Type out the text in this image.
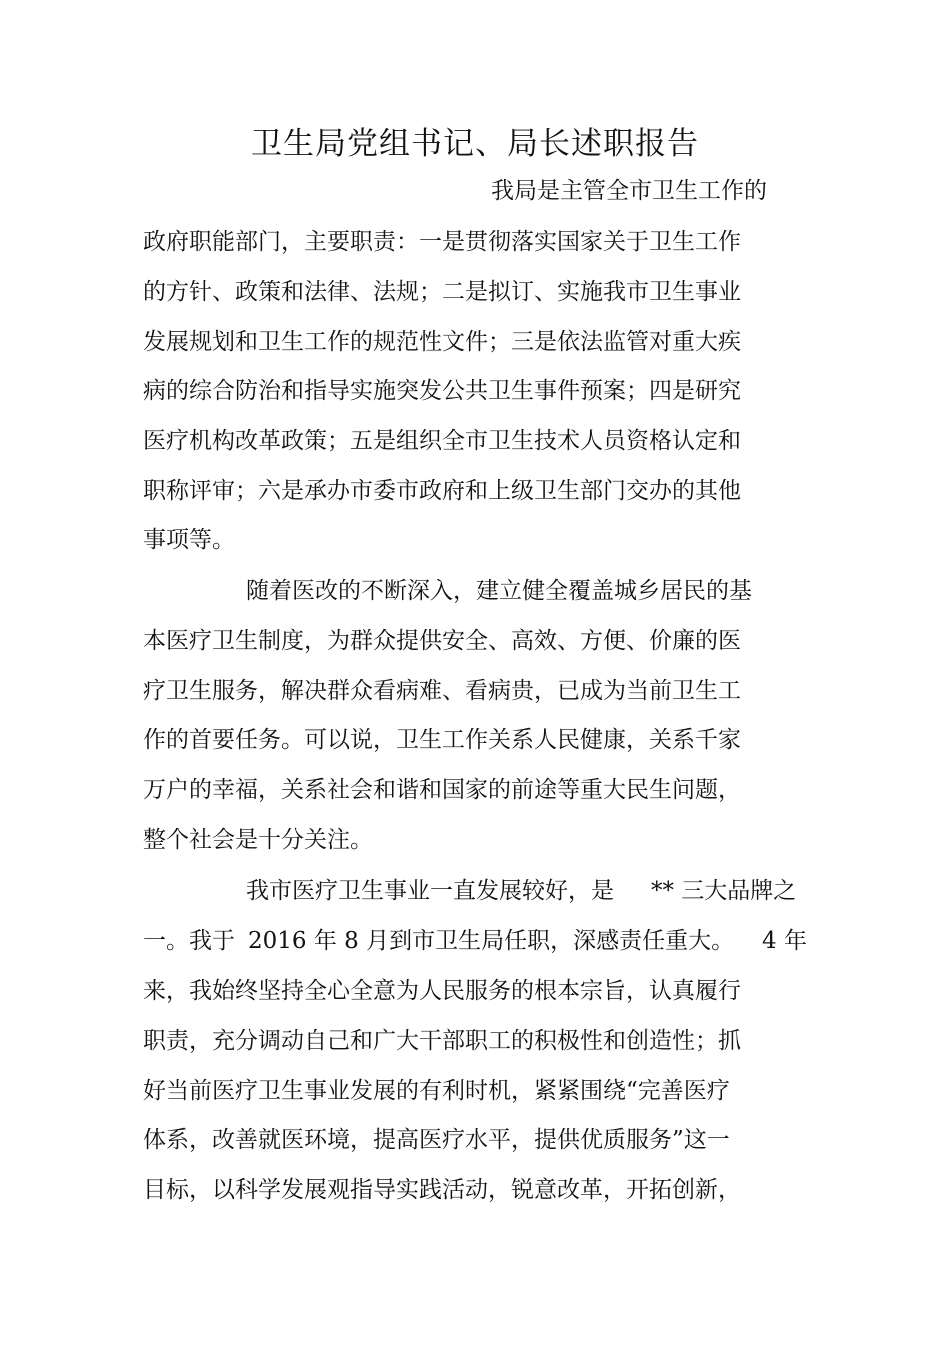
卫生局党组书记、局长述职报告
我局是主管全市卫生工作的
政府职能部门，主要职责：一是贯彻落实国家关于卫生工作
的方针、政策和法律、法规；二是拟订、实施我市卫生事业
发展规划和卫生工作的规范性文件；三是依法监管对重大疾
病的综合防治和指导实施突发公共卫生事件预案；四是研究
医疗机构改革政策；五是组织全市卫生技术人员资格认定和
职称评审；六是承办市委市政府和上级卫生部门交办的其他
事项等。
随着医改的不断深入，建立健全覆盖城乡居民的基
本医疗卫生制度，为群众提供安全、高效、方便、价廉的医
疗卫生服务，解决群众看病难、看病贵，已成为当前卫生工
作的首要任务。可以说，卫生工作关系人民健康，关系千家
万户的幸福，关系社会和谐和国家的前途等重大民生问题，
整个社会是十分关注。
我市医疗卫生事业一直发展较好，是 ** 三大品牌之
一。我于 2016 年 8 月到市卫生局任职，深感责任重大。 4 年
来，我始终坚持全心全意为人民服务的根本宗旨，认真履行
职责，充分调动自己和广大干部职工的积极性和创造性；抓
好当前医疗卫生事业发展的有利时机，紧紧围绕“完善医疗
体系，改善就医环境，提高医疗水平，提供优质服务”这一
目标，以科学发展观指导实践活动，锐意改革，开拓创新，
